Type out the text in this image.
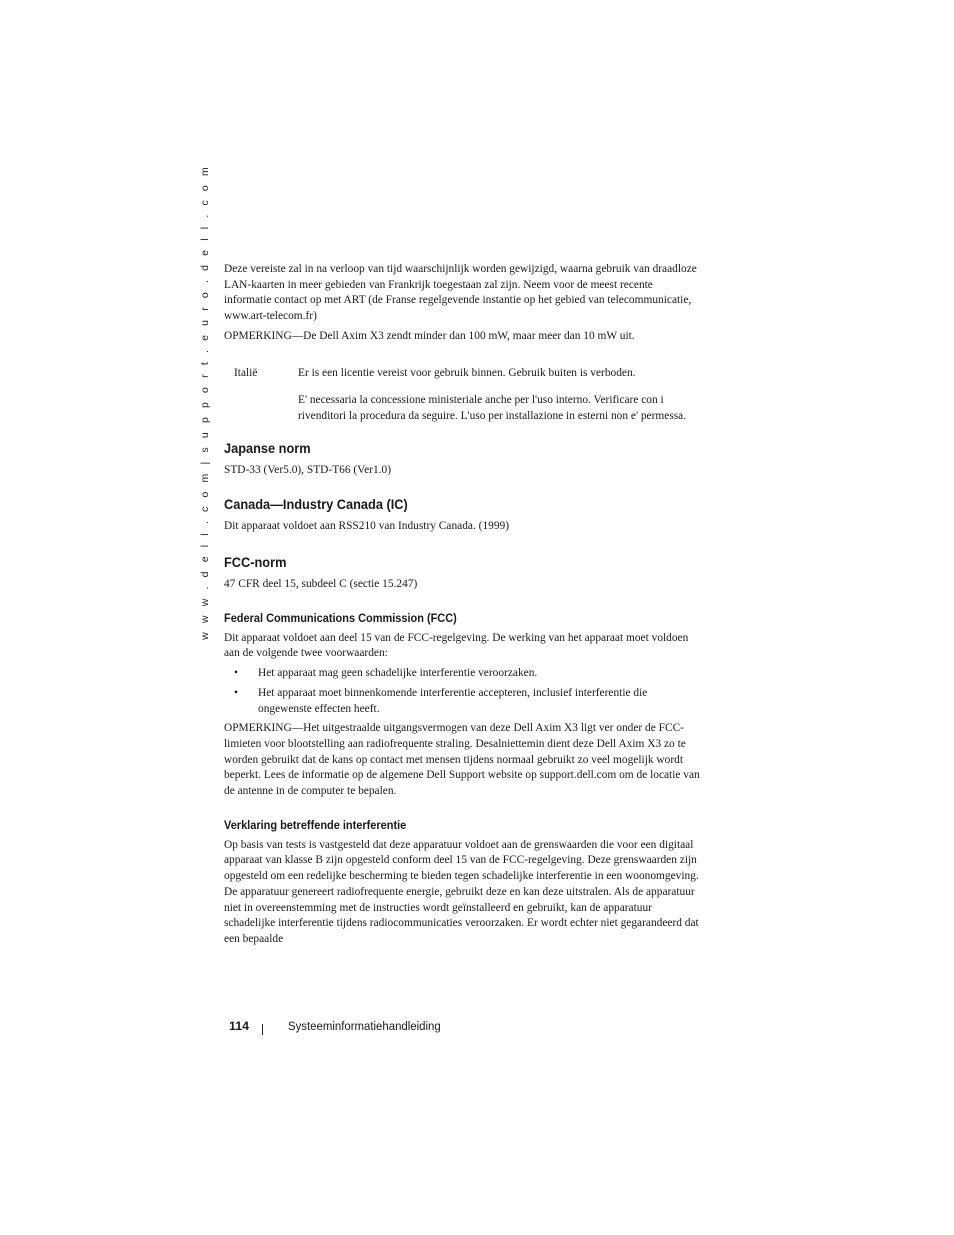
w w w . d e l l . c o m | s u p p o r t . e u r o . d e l l . c o m Deze vereiste zal in na verloop van tijd waarschijnlijk worden gewijzigd, waarna gebruik van draadloze LAN-kaarten in meer gebieden van Frankrijk toegestaan zal zijn. Neem voor de meest recente informatie contact op met ART (de Franse regelgevende instantie op het gebied van telecommunicatie, www.art-telecom.fr)

OPMERKING—De Dell Axim X3 zendt minder dan 100 mW, maar meer dan 10 mW uit.

Italië	Er is een licentie vereist voor gebruik binnen. Gebruik buiten is verboden.

E' necessaria la concessione ministeriale anche per l'uso interno. Verificare con i rivenditori la procedura da seguire. L'uso per installazione in esterni non e' permessa.

Japanse norm

STD-33 (Ver5.0), STD-T66 (Ver1.0)

Canada—Industry Canada (IC)

Dit apparaat voldoet aan RSS210 van Industry Canada. (1999)

FCC-norm

47 CFR deel 15, subdeel C (sectie 15.247)

Federal Communications Commission (FCC)

Dit apparaat voldoet aan deel 15 van de FCC-regelgeving. De werking van het apparaat moet voldoen aan de volgende twee voorwaarden:

• Het apparaat mag geen schadelijke interferentie veroorzaken.
• Het apparaat moet binnenkomende interferentie accepteren, inclusief interferentie die ongewenste effecten heeft.

OPMERKING—Het uitgestraalde uitgangsvermogen van deze Dell Axim X3 ligt ver onder de FCC-limieten voor blootstelling aan radiofrequente straling. Desalniettemin dient deze Dell Axim X3 zo te worden gebruikt dat de kans op contact met mensen tijdens normaal gebruikt zo veel mogelijk wordt beperkt. Lees de informatie op de algemene Dell Support website op support.dell.com om de locatie van de antenne in de computer te bepalen.

Verklaring betreffende interferentie

Op basis van tests is vastgesteld dat deze apparatuur voldoet aan de grenswaarden die voor een digitaal apparaat van klasse B zijn opgesteld conform deel 15 van de FCC-regelgeving. Deze grenswaarden zijn opgesteld om een redelijke bescherming te bieden tegen schadelijke interferentie in een woonomgeving. De apparatuur genereert radiofrequente energie, gebruikt deze en kan deze uitstralen. Als de apparatuur niet in overeenstemming met de instructies wordt geïnstalleerd en gebruikt, kan de apparatuur schadelijke interferentie tijdens radiocommunicaties veroorzaken. Er wordt echter niet gegarandeerd dat een bepaalde

114	Systeeminformatiehandleiding
